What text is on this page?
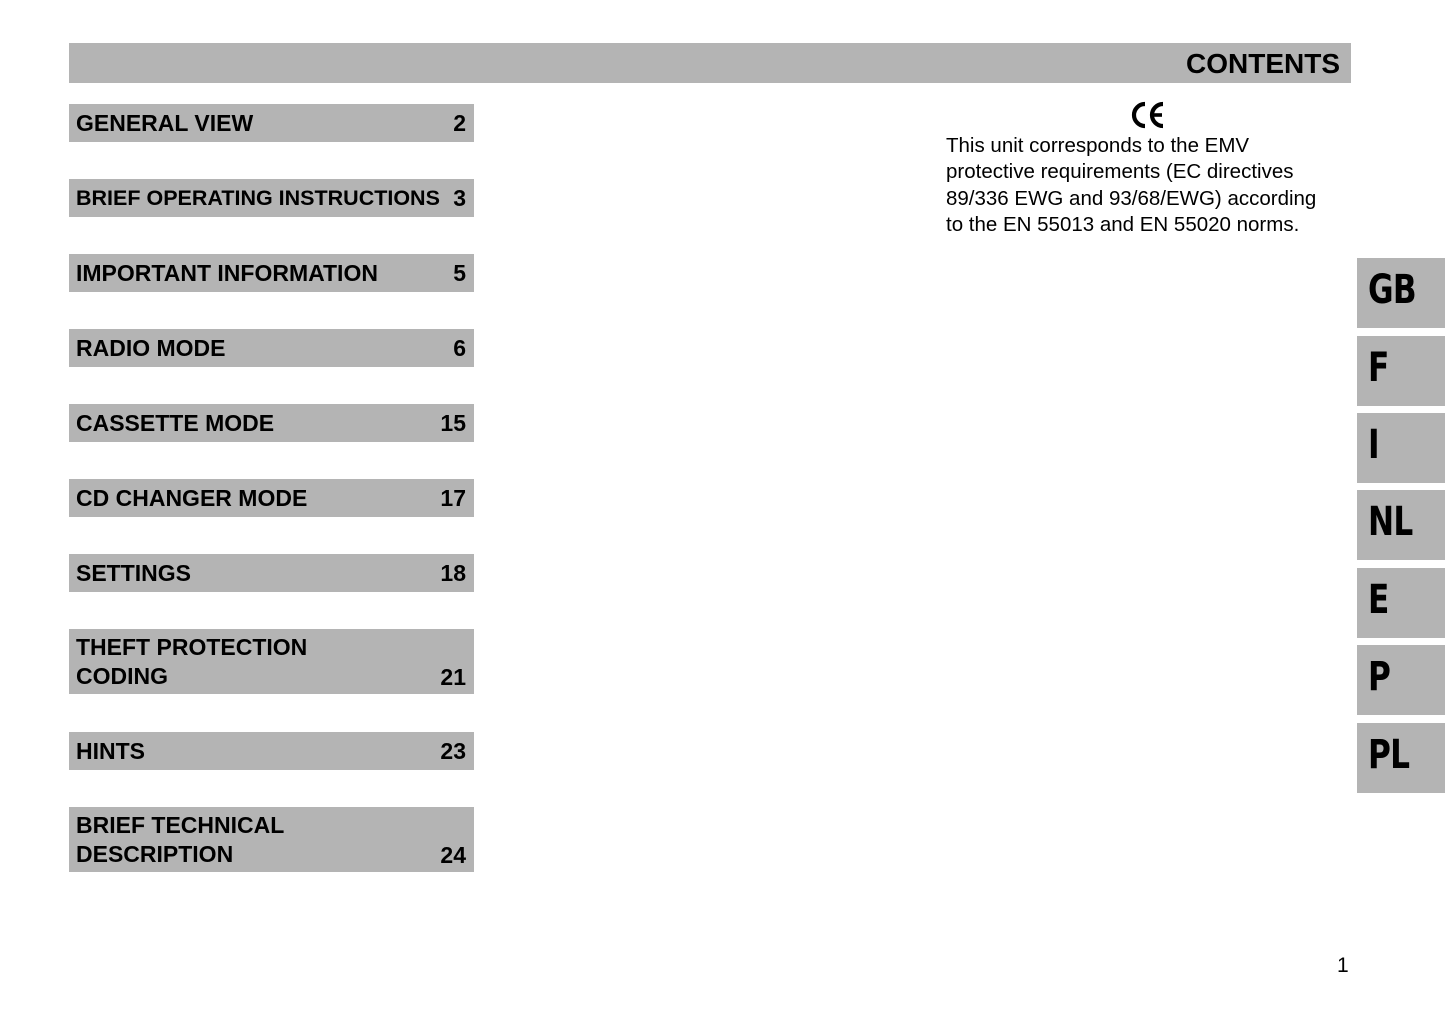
CONTENTS
GENERAL VIEW	2
BRIEF OPERATING INSTRUCTIONS 3
IMPORTANT INFORMATION	5
RADIO MODE	6
CASSETTE MODE	15
CD CHANGER MODE	17
SETTINGS	18
THEFT PROTECTION
CODING	21
HINTS	23
BRIEF TECHNICAL
DESCRIPTION	24
This unit corresponds to the EMV
protective requirements (EC directives
89/336 EWG and 93/68/EWG) according
to the EN 55013 and EN 55020 norms.
GB
F
I
NL
E
P
PL
1
